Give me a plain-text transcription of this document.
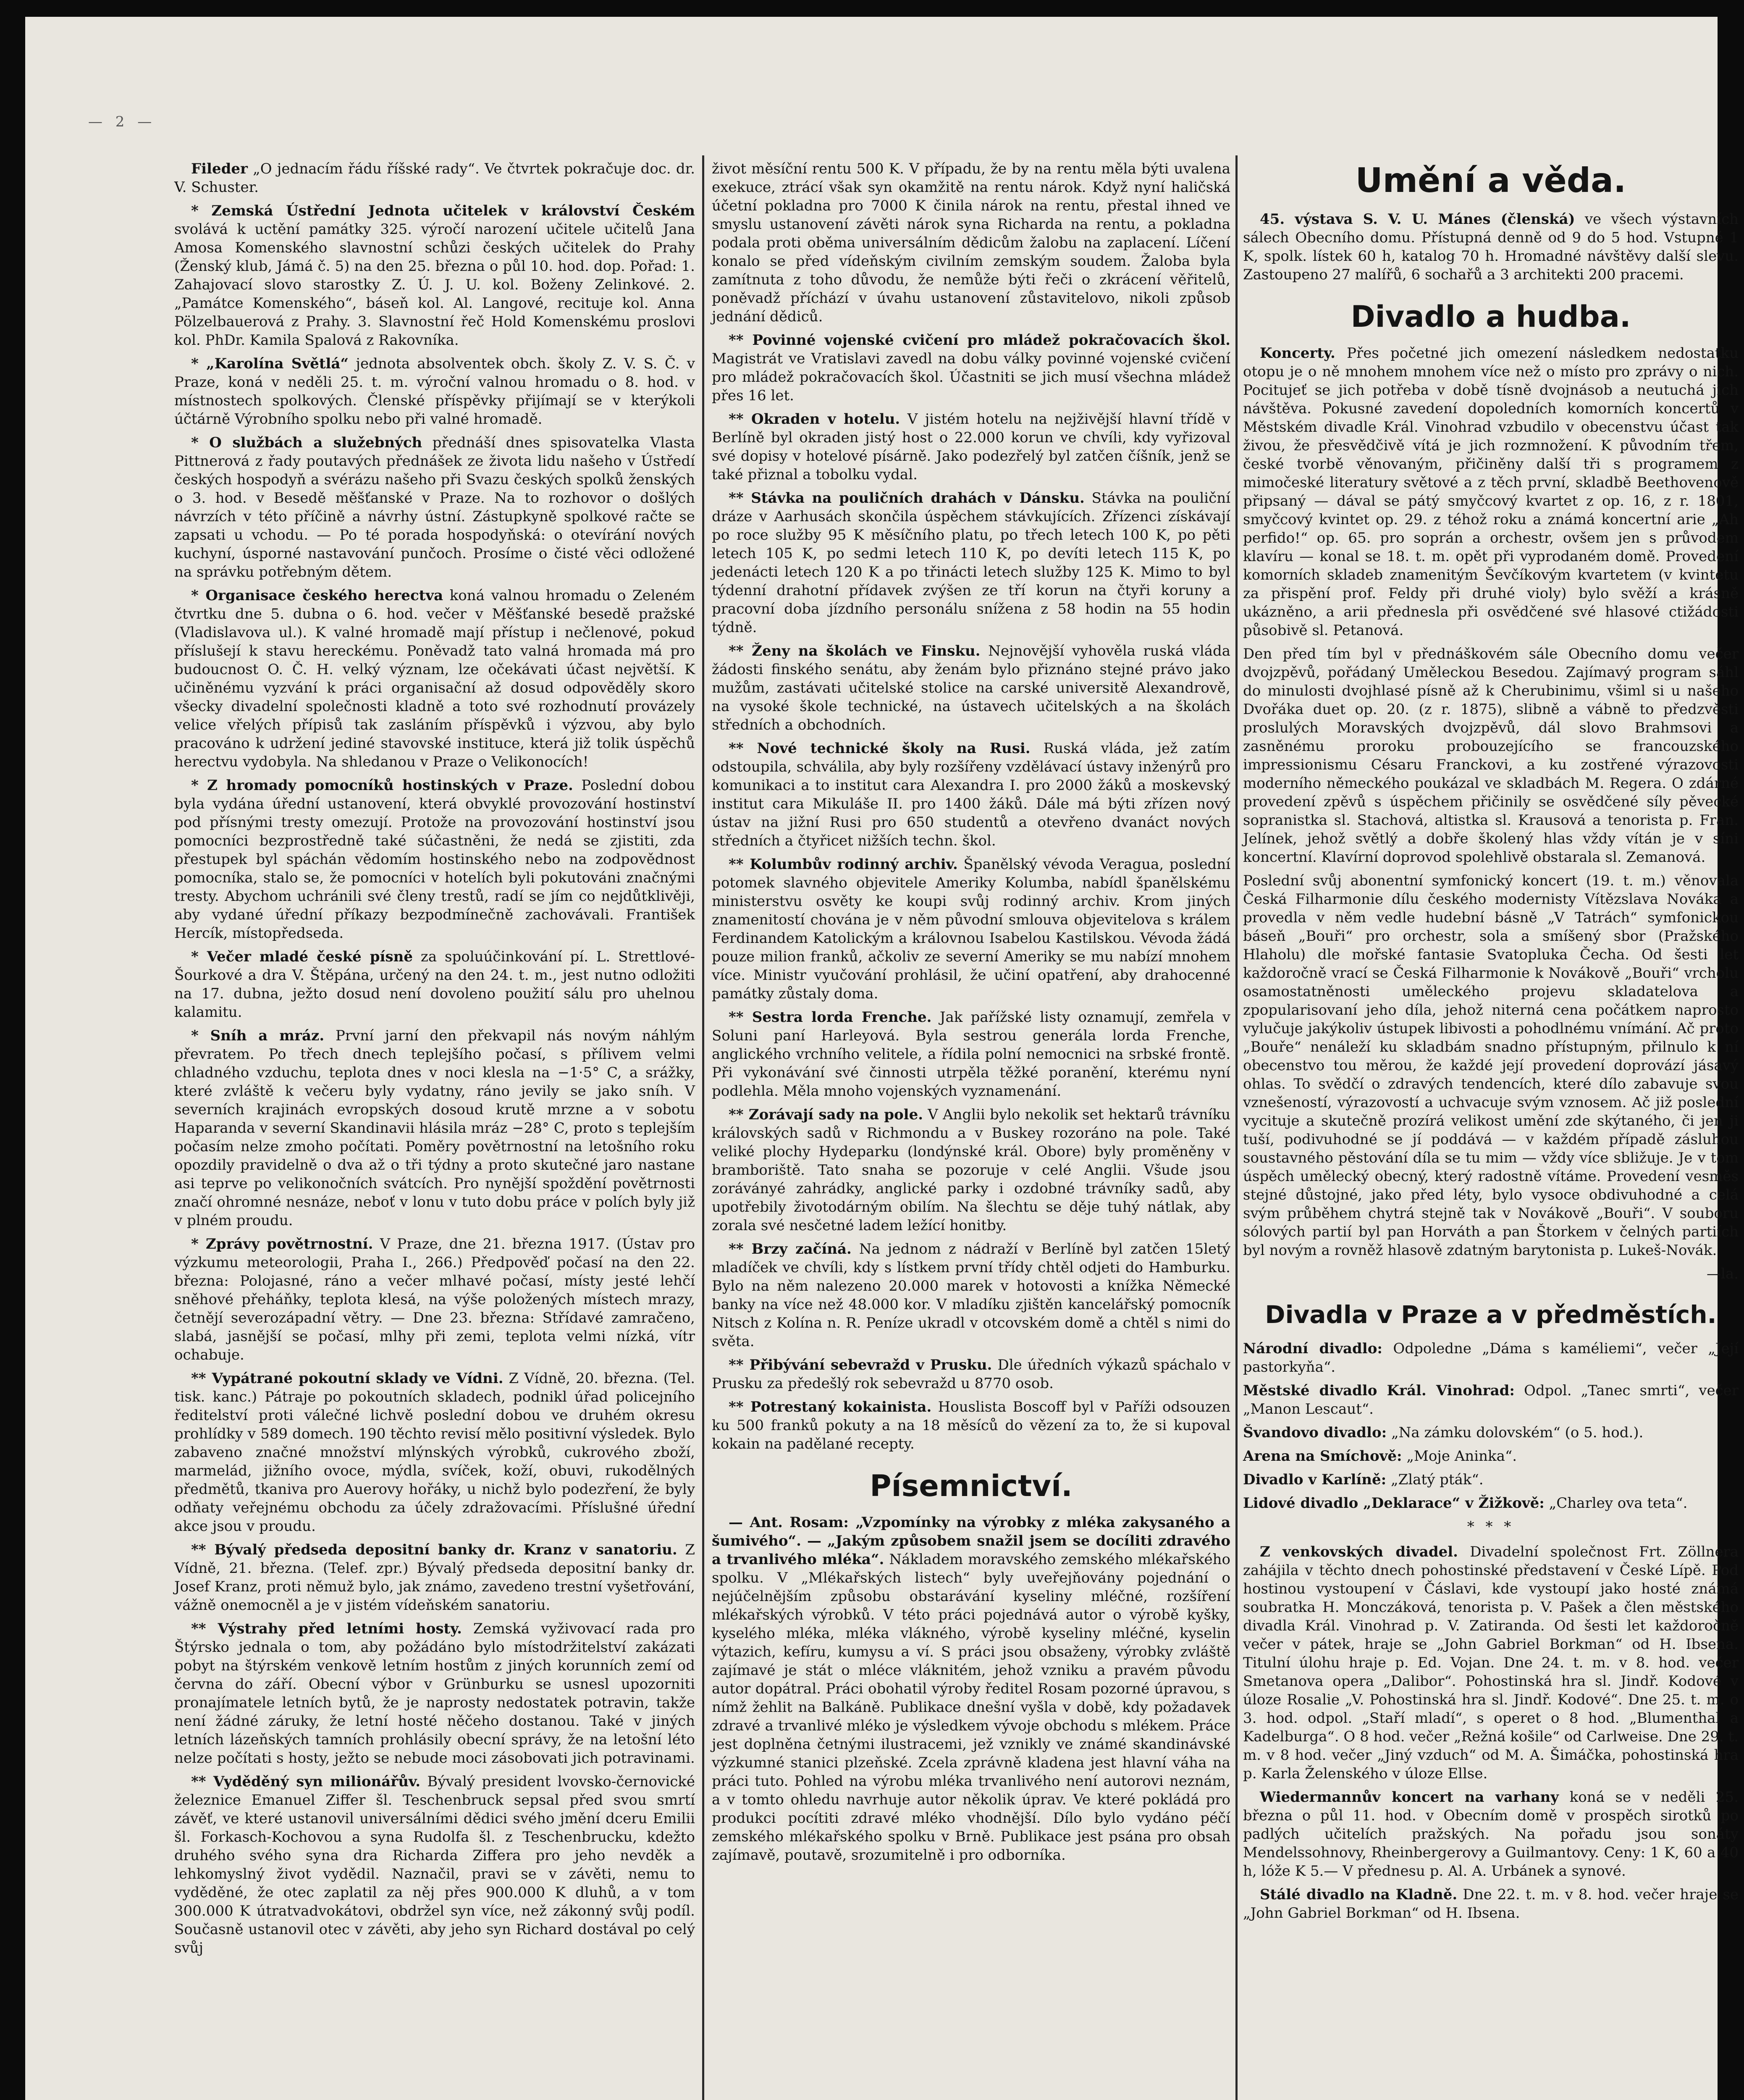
— 2 —

Fileder „O jednacím řádu říšské rady“. Ve čtvrtek pokračuje doc. dr. V. Schuster.

* Zemská Ústřední Jednota učitelek v království Českém svolává k uctění památky 325. výročí narození učitele učitelů Jana Amosa Komenského slavnostní schůzi českých učitelek do Prahy (Ženský klub, Jámá č. 5) na den 25. března o půl 10. hod. dop. Pořad: 1. Zahajovací slovo starostky Z. Ú. J. U. kol. Boženy Zelinkové. 2. „Památce Komenského“, báseň kol. Al. Langové, recituje kol. Anna Pölzelbauerová z Prahy. 3. Slavnostní řeč Hold Komenskému proslovi kol. PhDr. Kamila Spalová z Rakovníka.

* „Karolína Světlá“ jednota absolventek obch. školy Z. V. S. Č. v Praze, koná v neděli 25. t. m. výroční valnou hromadu o 8. hod. v místnostech spolkových. Členské příspěvky přijímají se v kterýkoli účtárně Výrobního spolku nebo při valné hromadě.

* O službách a služebných přednáší dnes spisovatelka Vlasta Pittnerová z řady poutavých přednášek ze života lidu našeho v Ústředí českých hospodyň a svérázu našeho při Svazu českých spolků ženských o 3. hod. v Besedě měšťanské v Praze. Na to rozhovor o došlých návrzích v této příčině a návrhy ústní. Zástupkyně spolkové račte se zapsati u vchodu. — Po té porada hospodyňská: o otevírání nových kuchyní, úsporné nastavování punčoch. Prosíme o čisté věci odložené na správku potřebným dětem.

* Organisace českého herectva koná valnou hromadu o Zeleném čtvrtku dne 5. dubna o 6. hod. večer v Měšťanské besedě pražské (Vladislavova ul.). K valné hromadě mají přístup i nečlenové, pokud příslušejí k stavu hereckému. Poněvadž tato valná hromada má pro budoucnost O. Č. H. velký význam, lze očekávati účast největší. K učiněnému vyzvání k práci organisační až dosud odpověděly skoro všecky divadelní společnosti kladně a toto své rozhodnutí provázely velice vřelých přípisů tak zasláním příspěvků i výzvou, aby bylo pracováno k udržení jediné stavovské instituce, která již tolik úspěchů herectvu vydobyla. Na shledanou v Praze o Velikonocích!

* Z hromady pomocníků hostinských v Praze. Poslední dobou byla vydána úřední ustanovení, která obvyklé provozování hostinství pod přísnými tresty omezují. Protože na provozování hostinství jsou pomocníci bezprostředně také súčastněni, že nedá se zjistiti, zda přestupek byl spáchán vědomím hostinského nebo na zodpovědnost pomocníka, stalo se, že pomocníci v hotelích byli pokutováni značnými tresty. Abychom uchránili své členy trestů, radí se jím co nejdůtklivěji, aby vydané úřední příkazy bezpodmínečně zachovávali. František Hercík, místopředseda.

* Večer mladé české písně za spoluúčinkování pí. L. Strettlové-Šourkové a dra V. Štěpána, určený na den 24. t. m., jest nutno odložiti na 17. dubna, ježto dosud není dovoleno použití sálu pro uhelnou kalamitu.

* Sníh a mráz. První jarní den překvapil nás novým náhlým převratem. Po třech dnech teplejšího počasí, s přílivem velmi chladného vzduchu, teplota dnes v noci klesla na −1·5° C, a srážky, které zvláště k večeru byly vydatny, ráno jevily se jako sníh. V severních krajinách evropských dosoud krutě mrzne a v sobotu Haparanda v severní Skandinavii hlásila mráz −28° C, proto s teplejším počasím nelze zmoho počítati. Poměry povětrnostní na letošního roku opozdily pravidelně o dva až o tři týdny a proto skutečné jaro nastane asi teprve po velikonočních svátcích. Pro nynější spoždění povětrnosti značí ohromné nesnáze, neboť v lonu v tuto dobu práce v polích byly již v plném proudu.

* Zprávy povětrnostní. V Praze, dne 21. března 1917. (Ústav pro výzkumu meteorologii, Praha I., 266.) Předpověď počasí na den 22. března: Polojasné, ráno a večer mlhavé počasí, místy jesté lehčí sněhové přeháňky, teplota klesá, na výše položených místech mrazy, četnějí severozápadní větry. — Dne 23. března: Střídavé zamračeno, slabá, jasnější se počasí, mlhy při zemi, teplota velmi nízká, vítr ochabuje.

** Vypátrané pokoutní sklady ve Vídni. Z Vídně, 20. března. (Tel. tisk. kanc.) Pátraje po pokoutních skladech, podnikl úřad policejního ředitelství proti válečné lichvě poslední dobou ve druhém okresu prohlídky v 589 domech. 190 těchto revisí mělo positivní výsledek. Bylo zabaveno značné množství mlýnských výrobků, cukrového zboží, marmelád, jižního ovoce, mýdla, svíček, koží, obuvi, rukodělných předmětů, tkaniva pro Auerovy hořáky, u nichž bylo podezření, že byly odňaty veřejnému obchodu za účely zdražovacími. Příslušné úřední akce jsou v proudu.

** Bývalý předseda depositní banky dr. Kranz v sanatoriu. Z Vídně, 21. března. (Telef. zpr.) Bývalý předseda depositní banky dr. Josef Kranz, proti němuž bylo, jak známo, zavedeno trestní vyšetřování, vážně onemocněl a je v jistém vídeňském sanatoriu.

** Výstrahy před letními hosty. Zemská vyživovací rada pro Štýrsko jednala o tom, aby požádáno bylo místodržitelství zakázati pobyt na štýrském venkově letním hostům z jiných korunních zemí od června do září. Obecní výbor v Grünburku se usnesl upozorniti pronajímatele letních bytů, že je naprosty nedostatek potravin, takže není žádné záruky, že letní hosté něčeho dostanou. Také v jiných letních lázeňských tamních prohlásily obecní správy, že na letošní léto nelze počítati s hosty, ježto se nebude moci zásobovati jich potravinami.

** Vyděděný syn milionářův. Bývalý president lvovsko-černovické železnice Emanuel Ziffer šl. Teschenbruck sepsal před svou smrtí závěť, ve které ustanovil universálními dědici svého jmění dceru Emilii šl. Forkasch-Kochovou a syna Rudolfa šl. z Teschenbrucku, kdežto druhého svého syna dra Richarda Ziffera pro jeho nevděk a lehkomyslný život vydědil. Naznačil, pravi se v závěti, nemu to vyděděné, že otec zaplatil za něj přes 900.000 K dluhů, a v tom 300.000 K útratvadvokátovi, obdržel syn více, než zákonný svůj podíl. Současně ustanovil otec v závěti, aby jeho syn Richard dostával po celý svůj

život měsíční rentu 500 K. V případu, že by na rentu měla býti uvalena exekuce, ztrácí však syn okamžitě na rentu nárok. Když nyní haličská účetní pokladna pro 7000 K činila nárok na rentu, přestal ihned ve smyslu ustanovení závěti nárok syna Richarda na rentu, a pokladna podala proti oběma universálním dědicům žalobu na zaplacení. Líčení konalo se před vídeňským civilním zemským soudem. Žaloba byla zamítnuta z toho důvodu, že nemůže býti řeči o zkrácení věřitelů, poněvadž příchází v úvahu ustanovení zůstavitelovo, nikoli způsob jednání dědiců.

** Povinné vojenské cvičení pro mládež pokračovacích škol. Magistrát ve Vratislavi zavedl na dobu války povinné vojenské cvičení pro mládež pokračovacích škol. Účastniti se jich musí všechna mládež přes 16 let.

** Okraden v hotelu. V jistém hotelu na nejživější hlavní třídě v Berlíně byl okraden jistý host o 22.000 korun ve chvíli, kdy vyřizoval své dopisy v hotelové písárně. Jako podezřelý byl zatčen číšník, jenž se také přiznal a tobolku vydal.

** Stávka na pouličních drahách v Dánsku. Stávka na pouliční dráze v Aarhusách skončila úspěchem stávkujících. Zřízenci získávají po roce služby 95 K měsíčního platu, po třech letech 100 K, po pěti letech 105 K, po sedmi letech 110 K, po devíti letech 115 K, po jedenácti letech 120 K a po třinácti letech služby 125 K. Mimo to byl týdenní drahotní přídavek zvýšen ze tří korun na čtyři koruny a pracovní doba jízdního personálu snížena z 58 hodin na 55 hodin týdně.

** Ženy na školách ve Finsku. Nejnovější vyhověla ruská vláda žádosti finského senátu, aby ženám bylo přiznáno stejné právo jako mužům, zastávati učitelské stolice na carské universitě Alexandrově, na vysoké škole technické, na ústavech učitelských a na školách středních a obchodních.

** Nové technické školy na Rusi. Ruská vláda, jež zatím odstoupila, schválila, aby byly rozšířeny vzdělávací ústavy inženýrů pro komunikaci a to institut cara Alexandra I. pro 2000 žáků a moskevský institut cara Mikuláše II. pro 1400 žáků. Dále má býti zřízen nový ústav na jižní Rusi pro 650 studentů a otevřeno dvanáct nových středních a čtyřicet nižších techn. škol.

** Kolumbův rodinný archiv. Španělský vévoda Veragua, poslední potomek slavného objevitele Ameriky Kolumba, nabídl španělskému ministerstvu osvěty ke koupi svůj rodinný archiv. Krom jiných znamenitostí chována je v něm původní smlouva objevitelova s králem Ferdinandem Katolickým a královnou Isabelou Kastilskou. Vévoda žádá pouze milion franků, ačkoliv ze severní Ameriky se mu nabízí mnohem více. Ministr vyučování prohlásil, že učiní opatření, aby drahocenné památky zůstaly doma.

** Sestra lorda Frenche. Jak pařížské listy oznamují, zemřela v Soluni paní Harleyová. Byla sestrou generála lorda Frenche, anglického vrchního velitele, a řídila polní nemocnici na srbské frontě. Při vykonávání své činnosti utrpěla těžké poranění, kterému nyní podlehla. Měla mnoho vojenských vyznamenání.

** Zorávají sady na pole. V Anglii bylo nekolik set hektarů trávníku královských sadů v Richmondu a v Buskey rozoráno na pole. Také veliké plochy Hydeparku (londýnské král. Obore) byly proměněny v bramboriště. Tato snaha se pozoruje v celé Anglii. Všude jsou zoráványé zahrádky, anglické parky i ozdobné trávníky sadů, aby upotřebily životodárným obilím. Na šlechtu se děje tuhý nátlak, aby zorala své nesčetné ladem ležící honitby.

** Brzy začíná. Na jednom z nádraží v Berlíně byl zatčen 15letý mladíček ve chvíli, kdy s lístkem první třídy chtěl odjeti do Hamburku. Bylo na něm nalezeno 20.000 marek v hotovosti a knížka Německé banky na více než 48.000 kor. V mladíku zjištěn kancelářský pomocník Nitsch z Kolína n. R. Peníze ukradl v otcovském domě a chtěl s nimi do světa.

** Přibývání sebevražd v Prusku. Dle úředních výkazů spáchalo v Prusku za předešlý rok sebevražd u 8770 osob.

** Potrestaný kokainista. Houslista Boscoff byl v Paříži odsouzen ku 500 franků pokuty a na 18 měsíců do vězení za to, že si kupoval kokain na padělané recepty.

Písemnictví.

— Ant. Rosam: „Vzpomínky na výrobky z mléka zakysaného a šumivého“. — „Jakým způsobem snažil jsem se docíliti zdravého a trvanlivého mléka“. Nákladem moravského zemského mlékařského spolku. V „Mlékařských listech“ byly uveřejňovány pojednání o nejúčelnějším způsobu obstarávání kyseliny mléčné, rozšíření mlékařských výrobků. V této práci pojednává autor o výrobě kyšky, kyselého mléka, mléka vlákného, výrobě kyseliny mléčné, kyselin výtazich, kefíru, kumysu a ví. S práci jsou obsaženy, výrobky zvláště zajímavé je stát o mléce vláknitém, jehož vzniku a pravém původu autor dopátral. Práci obohatil výroby ředitel Rosam pozorné úpravou, s nímž žehlit na Balkáně. Publikace dnešní vyšla v době, kdy požadavek zdravé a trvanlivé mléko je výsledkem vývoje obchodu s mlékem. Práce jest doplněna četnými ilustracemi, jež vznikly ve známé skandinávské výzkumné stanici plzeňské. Zcela zprávně kladena jest hlavní váha na práci tuto. Pohled na výrobu mléka trvanlivého není autorovi neznám, a v tomto ohledu navrhuje autor několik úprav. Ve které pokládá pro produkci pocítiti zdravé mléko vhodnější. Dílo bylo vydáno péčí zemského mlékařského spolku v Brně. Publikace jest psána pro obsah zajímavě, poutavě, srozumitelně i pro odborníka.

Umění a věda.

45. výstava S. V. U. Mánes (členská) ve všech výstavních sálech Obecního domu. Přístupná denně od 9 do 5 hod. Vstupné 1 K, spolk. lístek 60 h, katalog 70 h. Hromadné návštěvy další slevu. Zastoupeno 27 malířů, 6 sochařů a 3 architekti 200 pracemi.

Divadlo a hudba.

Koncerty. Přes početné jich omezení následkem nedostatku otopu je o ně mnohem mnohem více než o místo pro zprávy o nich. Pocitujeť se jich potřeba v době tísně dvojnásob a neutuchá jich návštěva. Pokusné zavedení dopoledních komorních koncertů v Městském divadle Král. Vinohrad vzbudilo v obecenstvu účast tak živou, že přesvědčivě vítá je jich rozmnožení. K původním třem, české tvorbě věnovaným, přičiněny další tři s programem z mimočeské literatury světové a z těch první, skladbě Beethovenově připsaný — dával se pátý smyčcový kvartet z op. 16, z r. 1801, smyčcový kvintet op. 29. z téhož roku a známá koncertní arie „Ah perfido!“ op. 65. pro soprán a orchestr, ovšem jen s průvodem klavíru — konal se 18. t. m. opět při vyprodaném domě. Provedení komorních skladeb znamenitým Ševčíkovým kvartetem (v kvintetu za přispění prof. Feldy při druhé violy) bylo svěží a krásně ukázněno, a arii přednesla při osvědčené své hlasové ctižádosti působivě sl. Petanová.

Den před tím byl v přednáškovém sále Obecního domu večer dvojzpěvů, pořádaný Uměleckou Besedou. Zajímavý program sáhl do minulosti dvojhlasé písně až k Cherubinimu, všiml si u našeho Dvořáka duet op. 20. (z r. 1875), slibně a vábně to předzvěsti proslulých Moravských dvojzpěvů, dál slovo Brahmsovi a zasněnému proroku probouzejícího se francouzského impressionismu Césaru Franckovi, a ku zostřené výrazovosti moderního německého poukázal ve skladbách M. Regera. O zdárné provedení zpěvů s úspěchem přičinily se osvědčené síly pěvecké sopranistka sl. Stachová, altistka sl. Krausová a tenorista p. Fran. Jelínek, jehož světlý a dobře školený hlas vždy vítán je v síni koncertní. Klavírní doprovod spolehlivě obstarala sl. Zemanová.

Poslední svůj abonentní symfonický koncert (19. t. m.) věnovala Česká Filharmonie dílu českého modernisty Vítězslava Nováka a provedla v něm vedle hudební básně „V Tatrách“ symfonickou báseň „Bouři“ pro orchestr, sola a smíšený sbor (Pražského Hlaholu) dle mořské fantasie Svatopluka Čecha. Od šesti let každoročně vrací se Česká Filharmonie k Novákově „Bouři“ vrcholu osamostatněnosti uměleckého projevu skladatelova a zpopularisovaní jeho díla, jehož niterná cena počátkem naprosto vylučuje jakýkoliv ústupek libivosti a pohodlnému vnímání. Ač proto „Bouře“ nenáleží ku skladbám snadno přístupným, přilnulo k ní obecenstvo tou měrou, že každé její provedení doprovází jásavý ohlas. To svědčí o zdravých tendencích, které dílo zabavuje svou vznešeností, výrazovostí a uchvacuje svým vznosem. Ač již poslední vycituje a skutečně prozírá velikost umění zde skýtaného, či jen ji tuší, podivuhodné se jí poddává — v každém případě zásluhou soustavného pěstování díla se tu mim — vždy více sbližuje. Je v tom úspěch umělecký obecný, který radostně vítáme. Provedení vesměs stejné důstojné, jako před léty, bylo vysoce obdivuhodné a celá svým průběhem chytrá stejně tak v Novákově „Bouři“. V souboru sólových partií byl pan Horváth a pan Štorkem v čelných partiích byl novým a rovněž hlasově zdatným barytonista p. Lukeš-Novák.

—la.

Divadla v Praze a v předměstích.

Národní divadlo: Odpoledne „Dáma s kaméliemi“, večer „Její pastorkyňa“.

Městské divadlo Král. Vinohrad: Odpol. „Tanec smrti“, večer „Manon Lescaut“.

Švandovo divadlo: „Na zámku dolovském“ (o 5. hod.).

Arena na Smíchově: „Moje Aninka“.

Divadlo v Karlíně: „Zlatý pták“.

Lidové divadlo „Deklarace“ v Žižkově: „Charley ova teta“.

* * *

Z venkovských divadel. Divadelní společnost Frt. Zöllnera zahájila v těchto dnech pohostinské představení v České Lípě. Pod hostinou vystoupení v Čáslavi, kde vystoupí jako hosté známá soubratka H. Monczáková, tenorista p. V. Pašek a člen městského divadla Král. Vinohrad p. V. Zatiranda. Od šesti let každoročně večer v pátek, hraje se „John Gabriel Borkman“ od H. Ibsena. Titulní úlohu hraje p. Ed. Vojan. Dne 24. t. m. v 8. hod. večer Smetanova opera „Dalibor“. Pohostinská hra sl. Jindř. Kodové v úloze Rosalie „V. Pohostinská hra sl. Jindř. Kodové“. Dne 25. t. m. o 3. hod. odpol. „Staří mladí“, s operet o 8 hod. „Blumenthal a Kadelburga“. O 8 hod. večer „Režná košile“ od Carlweise. Dne 29. t. m. v 8 hod. večer „Jiný vzduch“ od M. A. Šimáčka, pohostinská hra p. Karla Želenského v úloze Ellse.

Wiedermannův koncert na varhany koná se v neděli 25. března o půl 11. hod. v Obecním domě v prospěch sirotků po padlých učitelích pražských. Na pořadu jsou sonáty Mendelssohnovy, Rheinbergerovy a Guilmantovy. Ceny: 1 K, 60 a 40 h, lóže K 5.— V přednesu p. Al. A. Urbánek a synové.

Stálé divadlo na Kladně. Dne 22. t. m. v 8. hod. večer hraje se „John Gabriel Borkman“ od H. Ibsena.
